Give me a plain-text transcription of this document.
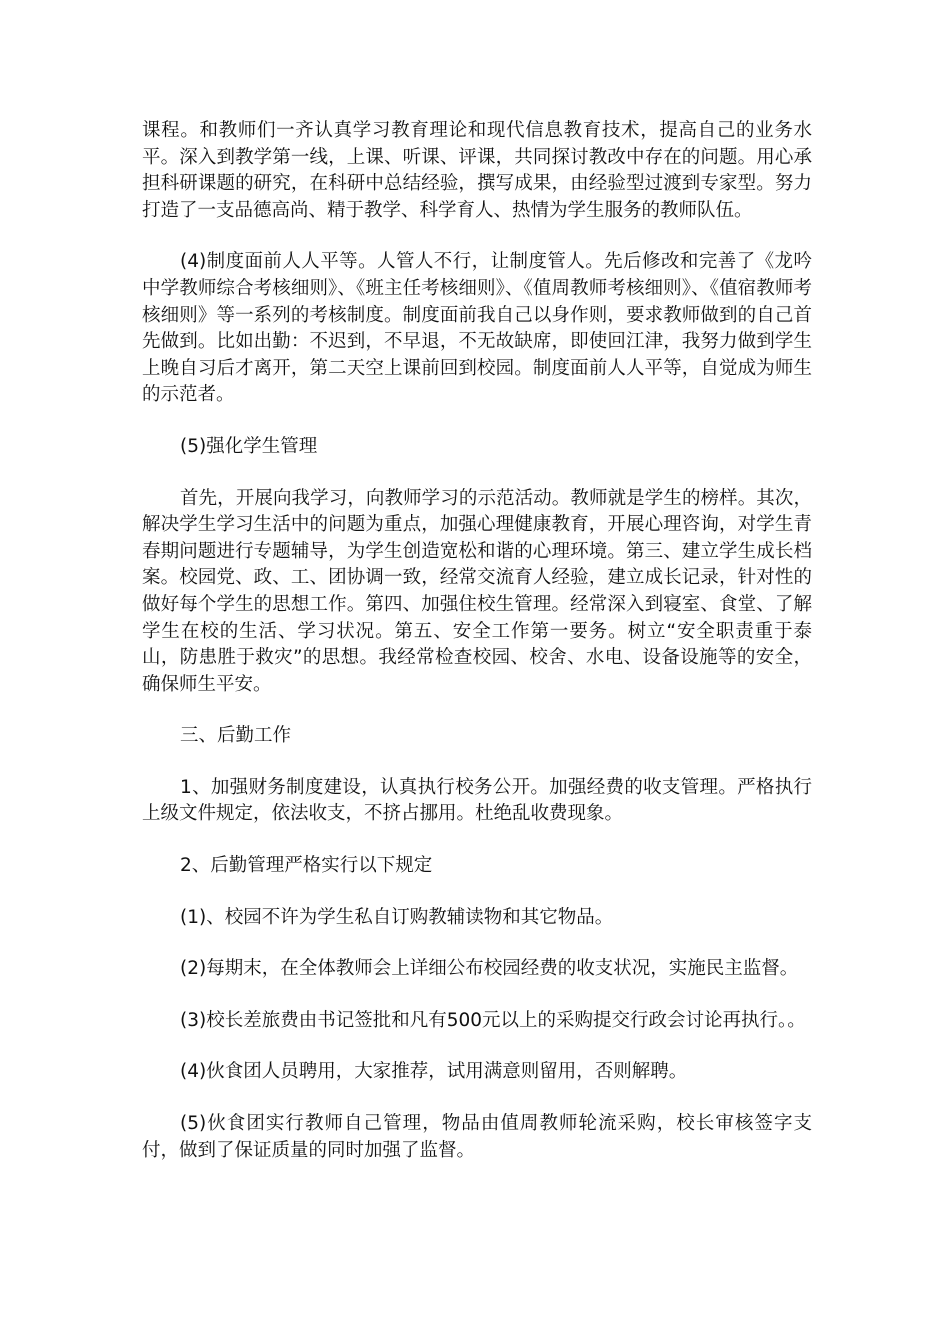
课程。和教师们一齐认真学习教育理论和现代信息教育技术，提高自己的业务水平。深入到教学第一线，上课、听课、评课，共同探讨教改中存在的问题。用心承担科研课题的研究，在科研中总结经验，撰写成果，由经验型过渡到专家型。努力打造了一支品德高尚、精于教学、科学育人、热情为学生服务的教师队伍。

(4)制度面前人人平等。人管人不行，让制度管人。先后修改和完善了《龙吟中学教师综合考核细则》、《班主任考核细则》、《值周教师考核细则》、《值宿教师考核细则》等一系列的考核制度。制度面前我自己以身作则，要求教师做到的自己首先做到。比如出勤：不迟到，不早退，不无故缺席，即使回江津，我努力做到学生上晚自习后才离开，第二天空上课前回到校园。制度面前人人平等，自觉成为师生的示范者。

(5)强化学生管理

首先，开展向我学习，向教师学习的示范活动。教师就是学生的榜样。其次，解决学生学习生活中的问题为重点，加强心理健康教育，开展心理咨询，对学生青春期问题进行专题辅导，为学生创造宽松和谐的心理环境。第三、建立学生成长档案。校园党、政、工、团协调一致，经常交流育人经验，建立成长记录，针对性的做好每个学生的思想工作。第四、加强住校生管理。经常深入到寝室、食堂、了解学生在校的生活、学习状况。第五、安全工作第一要务。树立“安全职责重于泰山，防患胜于救灾”的思想。我经常检查校园、校舍、水电、设备设施等的安全，确保师生平安。

三、后勤工作

1、加强财务制度建设，认真执行校务公开。加强经费的收支管理。严格执行上级文件规定，依法收支，不挤占挪用。杜绝乱收费现象。

2、后勤管理严格实行以下规定

(1)、校园不许为学生私自订购教辅读物和其它物品。

(2)每期末，在全体教师会上详细公布校园经费的收支状况，实施民主监督。

(3)校长差旅费由书记签批和凡有500元以上的采购提交行政会讨论再执行。。

(4)伙食团人员聘用，大家推荐，试用满意则留用，否则解聘。

(5)伙食团实行教师自己管理，物品由值周教师轮流采购，校长审核签字支付，做到了保证质量的同时加强了监督。
